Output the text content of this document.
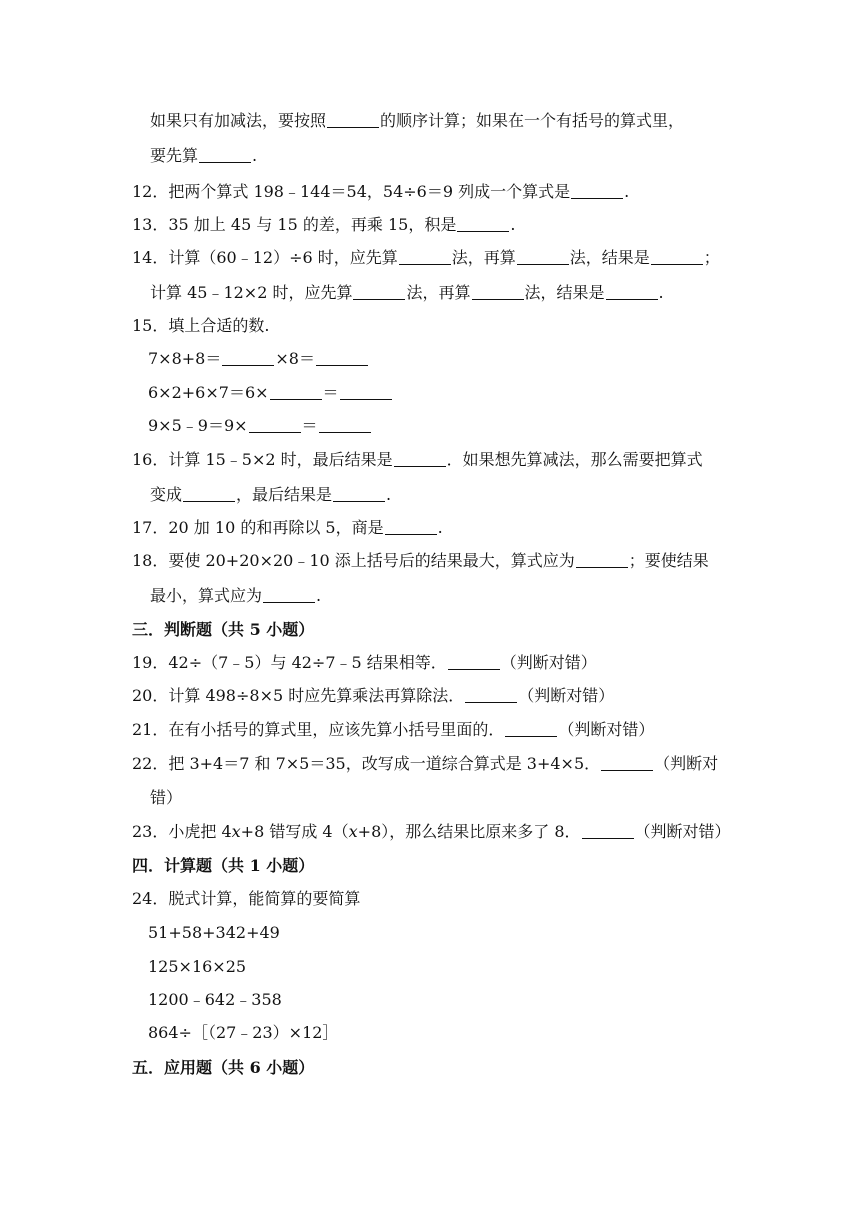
如果只有加减法，要按照	的顺序计算；如果在一个有括号的算式里，
要先算	.
12．把两个算式 198﹣144＝54，54÷6＝9 列成一个算式是	.
13．35 加上 45 与 15 的差，再乘 15，积是	.
14．计算（60﹣12）÷6 时，应先算	法，再算	法，结果是	；
计算 45﹣12×2 时，应先算	法，再算	法，结果是	.
15．填上合适的数.
7×8+8＝	×8＝
6×2+6×7＝6×	＝
9×5﹣9＝9×	＝
16．计算 15﹣5×2 时，最后结果是	．如果想先算减法，那么需要把算式
变成	，最后结果是	.
17．20 加 10 的和再除以 5，商是	.
18．要使 20+20×20﹣10 添上括号后的结果最大，算式应为	；要使结果
最小，算式应为	.
三．判断题（共 5 小题）
19．42÷（7﹣5）与 42÷7﹣5 结果相等．	（判断对错）
20．计算 498÷8×5 时应先算乘法再算除法．	（判断对错）
21．在有小括号的算式里，应该先算小括号里面的．	（判断对错）
22．把 3+4＝7 和 7×5＝35，改写成一道综合算式是 3+4×5．	（判断对
错）
23．小虎把 4x+8 错写成 4（x+8），那么结果比原来多了 8．	（判断对错）
四．计算题（共 1 小题）
24．脱式计算，能简算的要简算
51+58+342+49
125×16×25
1200﹣642﹣358
864÷［（27﹣23）×12］
五．应用题（共 6 小题）
